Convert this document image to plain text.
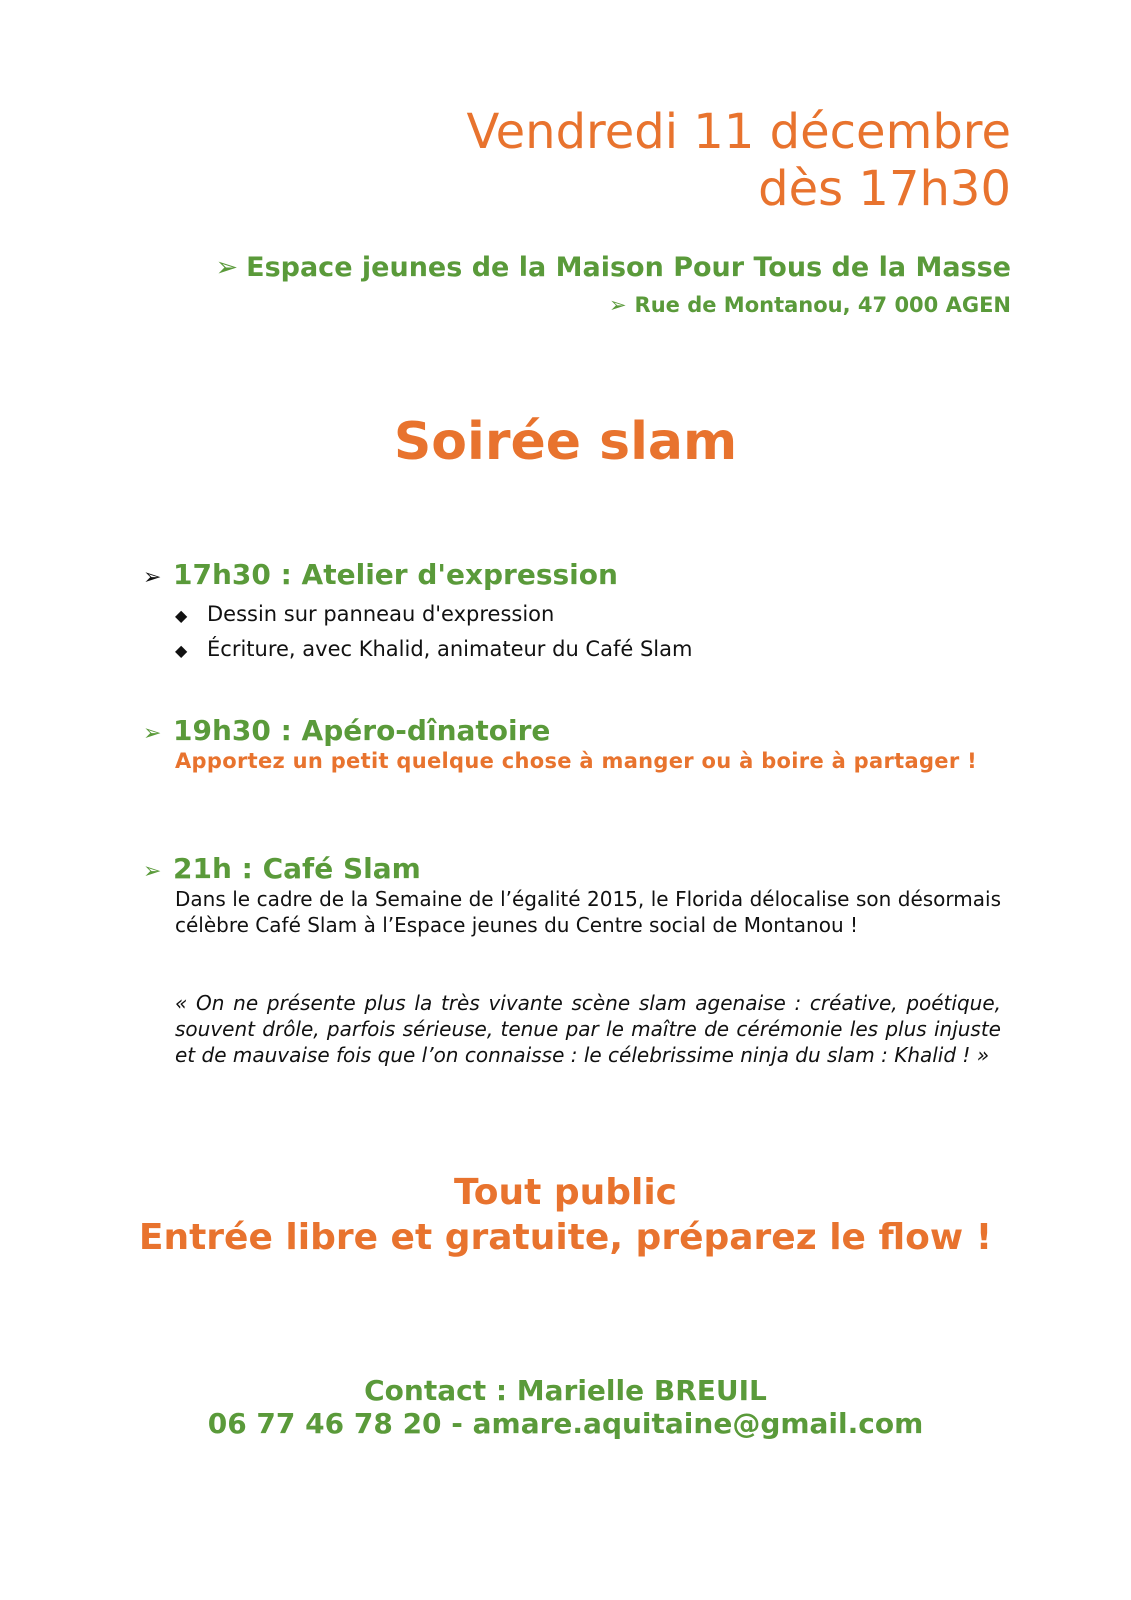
Vendredi 11 décembre
dès 17h30
➢ Espace jeunes de la Maison Pour Tous de la Masse
➢ Rue de Montanou, 47 000 AGEN
Soirée slam
➢ 17h30 : Atelier d'expression
◆ Dessin sur panneau d'expression
◆ Écriture, avec Khalid, animateur du Café Slam
➢ 19h30 : Apéro-dînatoire
Apportez un petit quelque chose à manger ou à boire à partager !
➢ 21h : Café Slam
Dans le cadre de la Semaine de l’égalité 2015, le Florida délocalise son désormais célèbre Café Slam à l’Espace jeunes du Centre social de Montanou !
« On ne présente plus la très vivante scène slam agenaise : créative, poétique, souvent drôle, parfois sérieuse, tenue par le maître de cérémonie les plus injuste et de mauvaise fois que l’on connaisse : le célebrissime ninja du slam : Khalid ! »
Tout public
Entrée libre et gratuite, préparez le flow !
Contact : Marielle BREUIL
06 77 46 78 20 - amare.aquitaine@gmail.com
